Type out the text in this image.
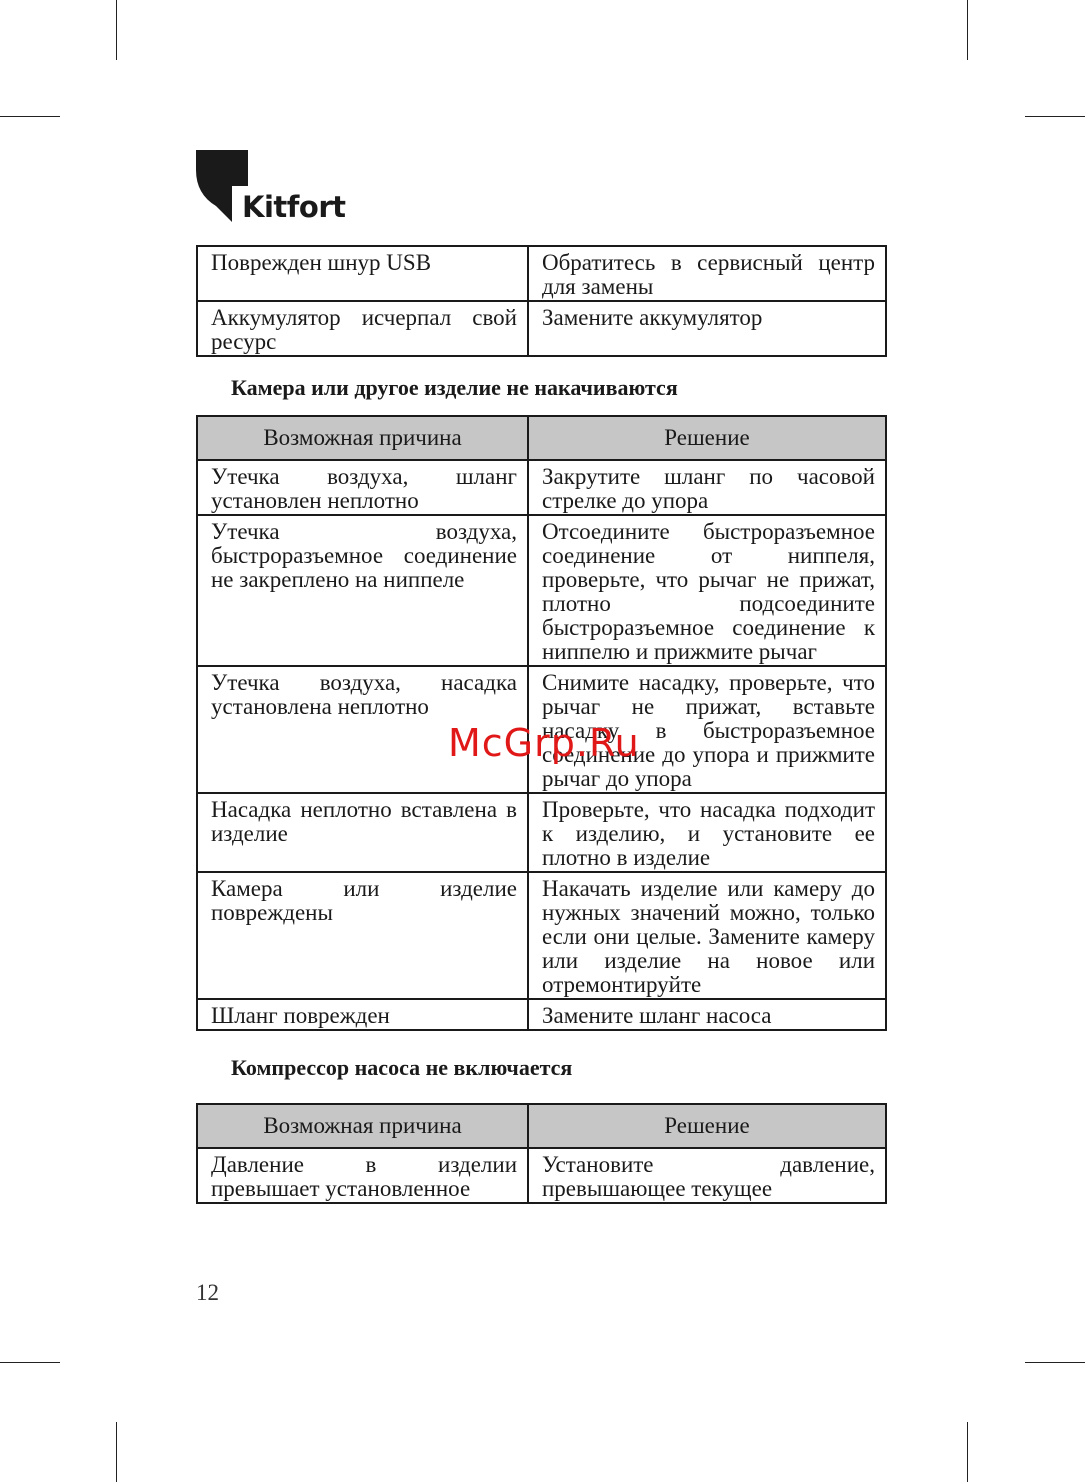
Kitfort
Поврежден шнур USB	Обратитесь в сервисный центр для замены
Аккумулятор исчерпал свой ресурс	Замените аккумулятор
Камера или другое изделие не накачиваются
Возможная причина	Решение
Утечка воздуха, шланг установлен неплотно	Закрутите шланг по часовой стрелке до упора
Утечка воздуха, быстроразъемное соединение не закреплено на ниппеле	Отсоедините быстроразъемное соединение от ниппеля, проверьте, что рычаг не прижат, плотно подсоедините быстроразъемное соединение к ниппелю и прижмите рычаг
Утечка воздуха, насадка установлена неплотно	Снимите насадку, проверьте, что рычаг не прижат, вставьте насадку в быстроразъемное соединение до упора и прижмите рычаг до упора
Насадка неплотно вставлена в изделие	Проверьте, что насадка подходит к изделию, и установите ее плотно в изделие
Камера или изделие повреждены	Накачать изделие или камеру до нужных значений можно, только если они целые. Замените камеру или изделие на новое или отремонтируйте
Шланг поврежден	Замените шланг насоса
Компрессор насоса не включается
Возможная причина	Решение
Давление в изделии превышает установленное	Установите давление, превышающее текущее
McGrp.Ru
12
